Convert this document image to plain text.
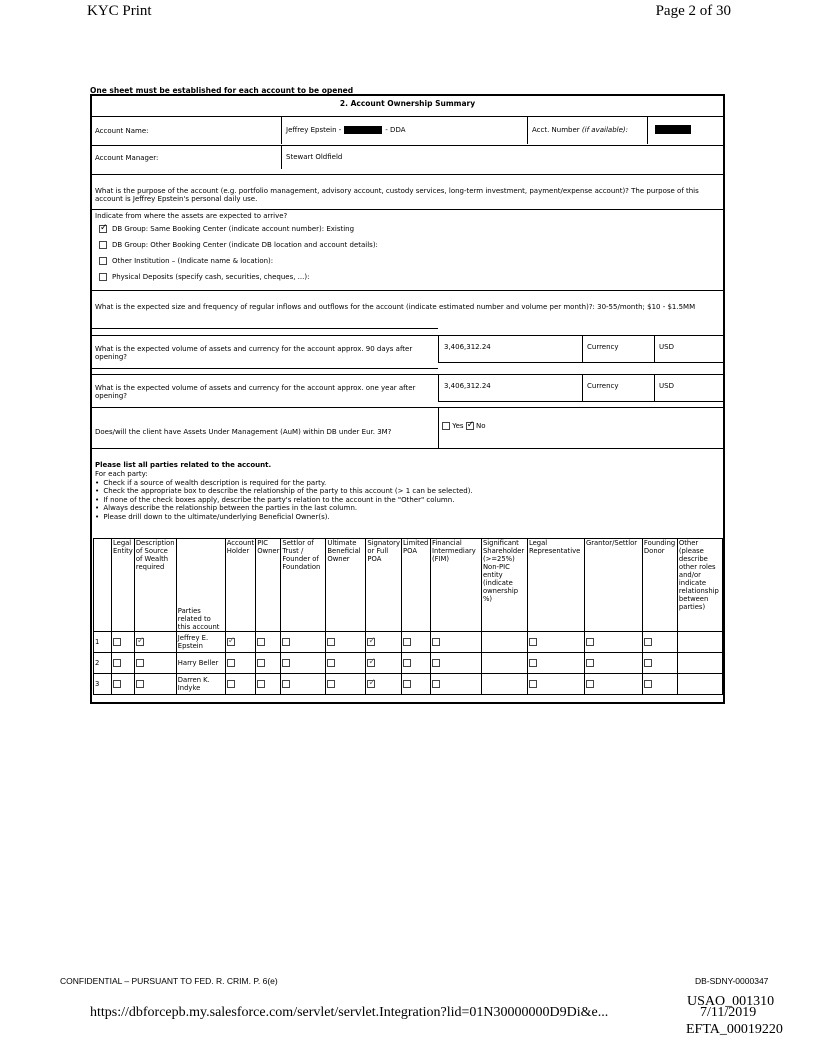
KYC Print	Page 2 of 30
One sheet must be established for each account to be opened
2. Account Ownership Summary
Account Name:	Jeffrey Epstein -	- DDA	Acct. Number (if available):
Account Manager:	Stewart Oldfield
What is the purpose of the account (e.g. portfolio management, advisory account, custody services, long-term investment, payment/expense account)? The purpose of this account is Jeffrey Epstein's personal daily use.
Indicate from where the assets are expected to arrive?
✓DB Group: Same Booking Center (indicate account number): Existing
DB Group: Other Booking Center (indicate DB location and account details):
Other Institution – (Indicate name & location):
Physical Deposits (specify cash, securities, cheques, ...):
What is the expected size and frequency of regular inflows and outflows for the account (indicate estimated number and volume per month)?: 30-55/month; $10 - $1.5MM
What is the expected volume of assets and currency for the account approx. 90 days after opening?
3,406,312.24	Currency	USD
What is the expected volume of assets and currency for the account approx. one year after opening?
3,406,312.24	Currency	USD
Does/will the client have Assets Under Management (AuM) within DB under Eur. 3M?
Yes ✓ No
Please list all parties related to the account.
For each party:
• Check if a source of wealth description is required for the party.
• Check the appropriate box to describe the relationship of the party to this account (> 1 can be selected).
• If none of the check boxes apply, describe the party's relation to the account in the "Other" column.
• Always describe the relationship between the parties in the last column.
• Please drill down to the ultimate/underlying Beneficial Owner(s).
	Legal Entity	Description of Source of Wealth required	Parties related to this account	Account Holder	PIC Owner	Settlor of Trust / Founder of Foundation	Ultimate Beneficial Owner	Signatory or Full POA	Limited POA	Financial Intermediary (FIM)	Significant Shareholder (>=25%) Non-PIC entity (indicate ownership %)	Legal Representative	Grantor/Settlor	Founding Donor	Other (please describe other roles and/or indicate relationship between parties)
1		✓	Jeffrey E. Epstein	✓				✓							
2			Harry Beller					✓							
3			Darren K. Indyke					✓							
CONFIDENTIAL – PURSUANT TO FED. R. CRIM. P. 6(e)	DB-SDNY-0000347
USAO_001310
https://dbforcepb.my.salesforce.com/servlet/servlet.Integration?lid=01N30000000D9Di&e...	7/11/2019
EFTA_00019220
